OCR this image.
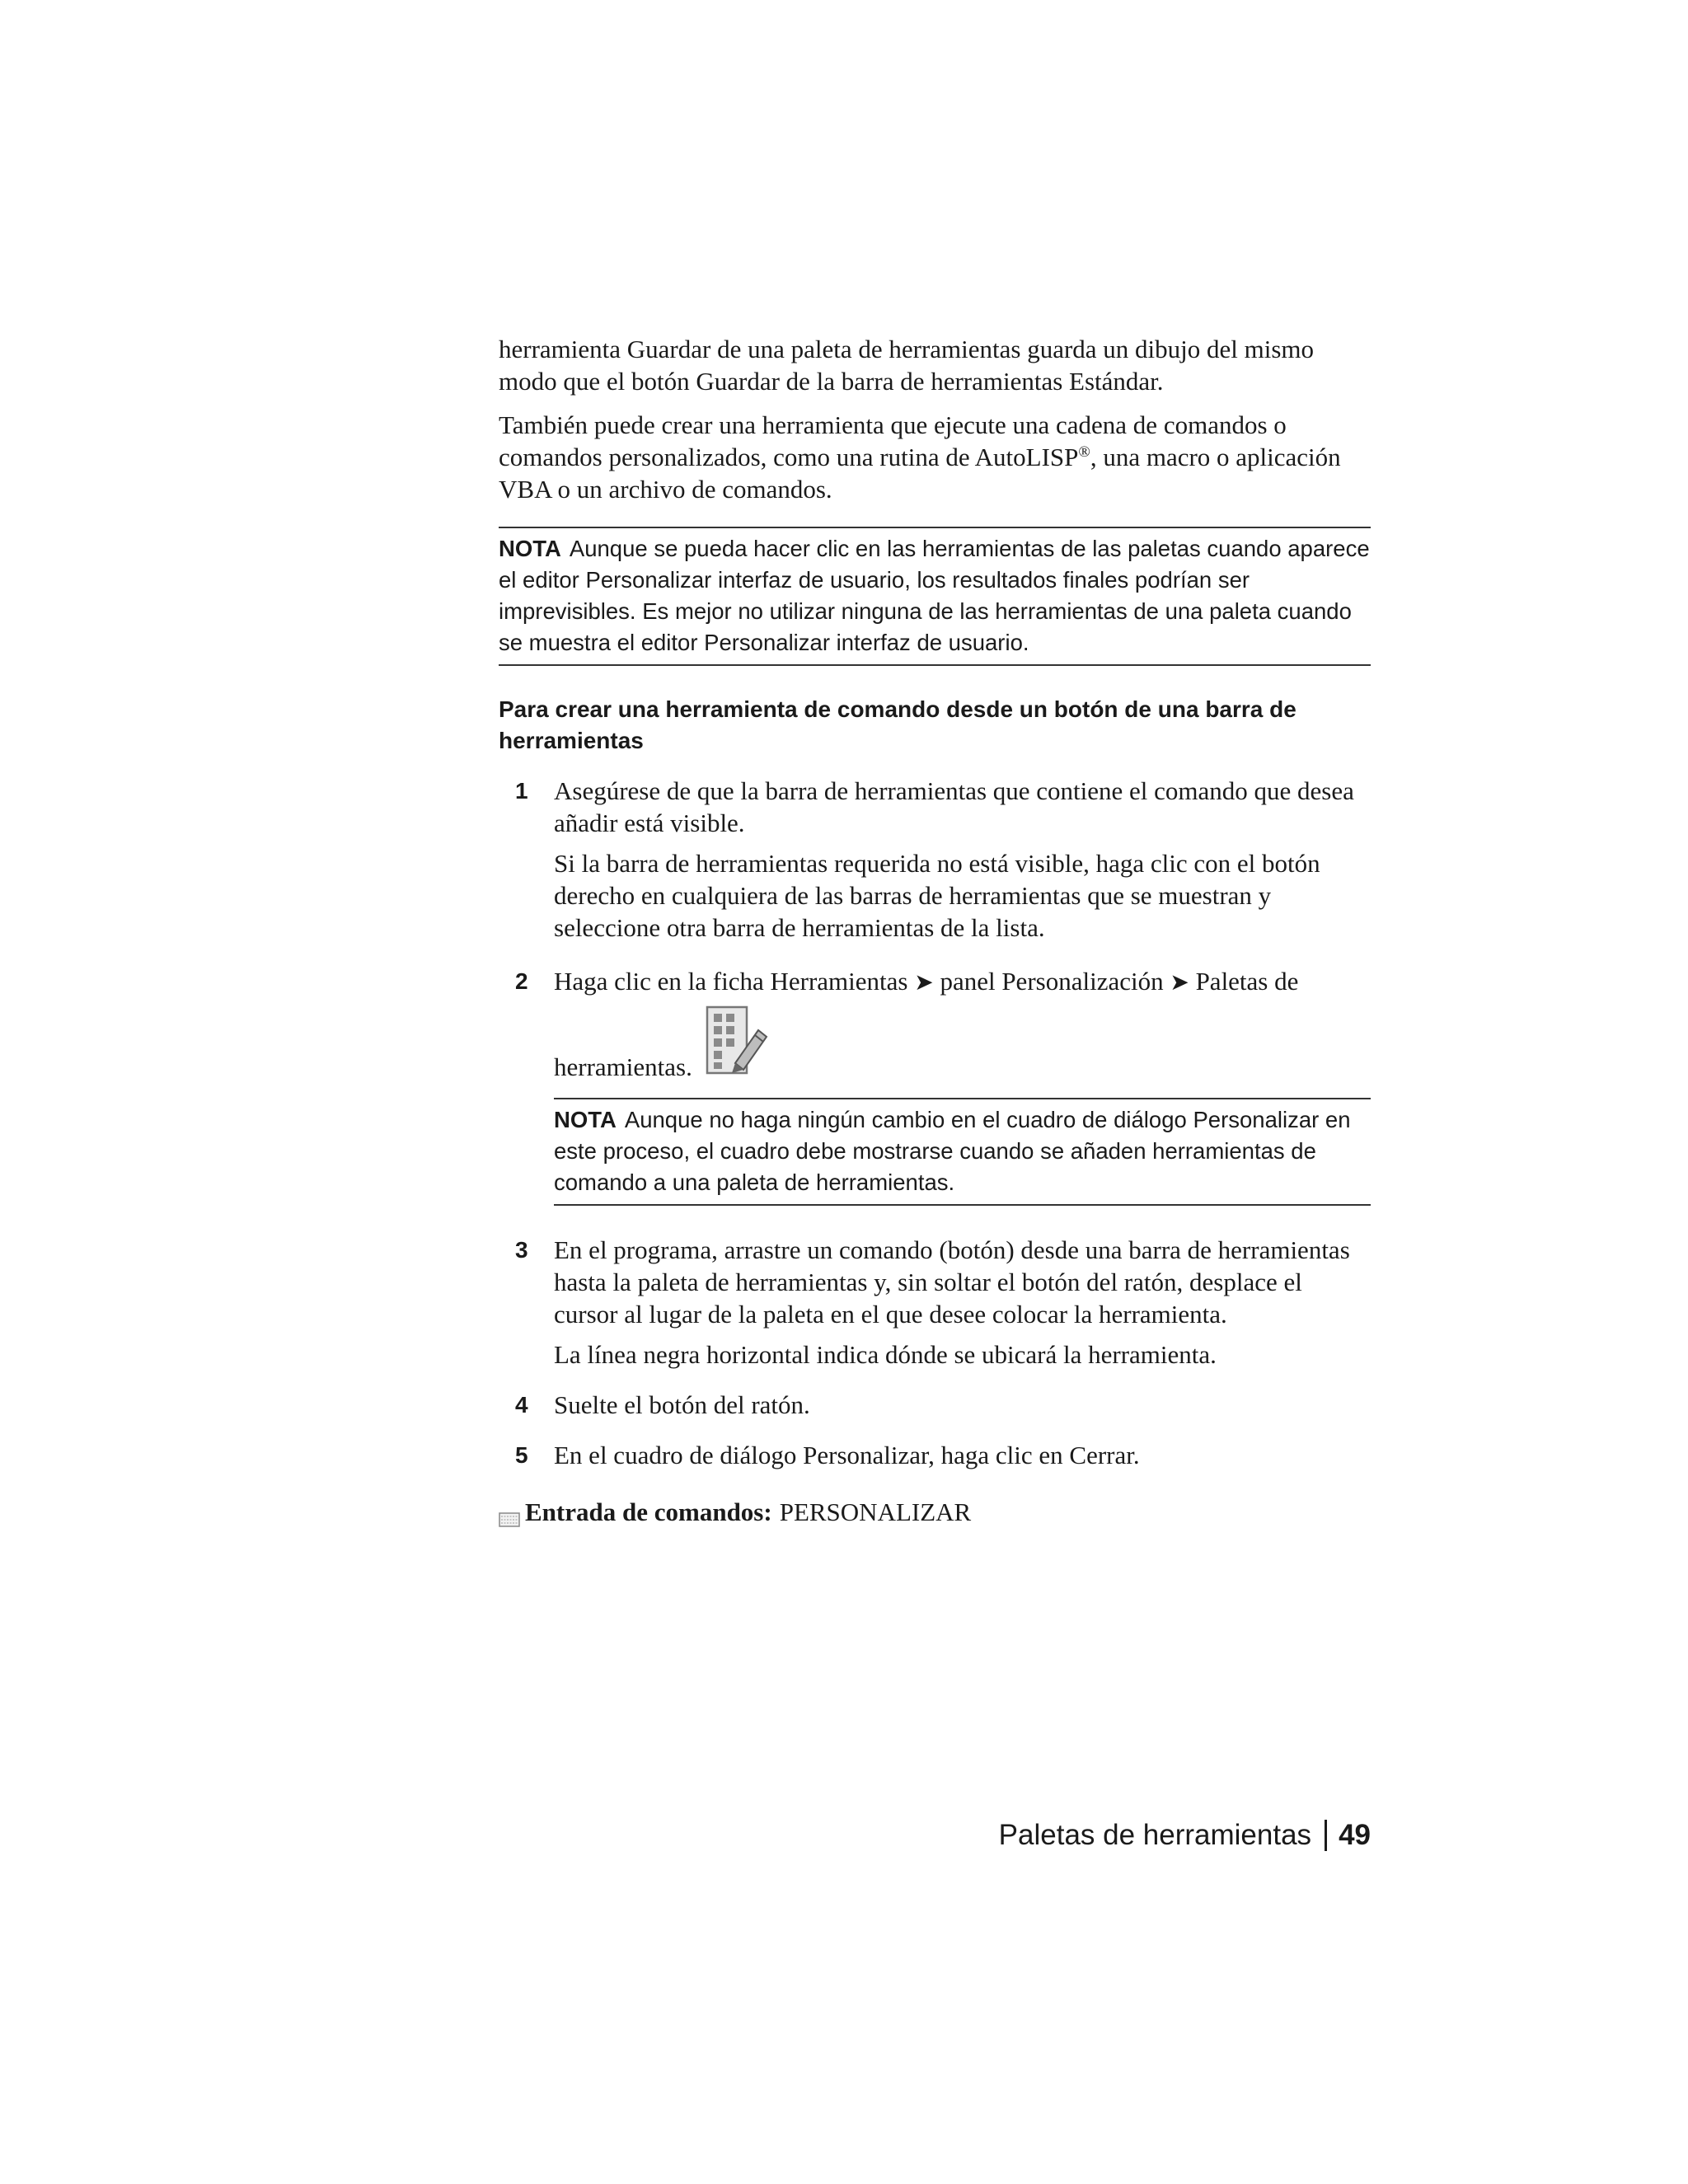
herramienta Guardar de una paleta de herramientas guarda un dibujo del mismo modo que el botón Guardar de la barra de herramientas Estándar.

También puede crear una herramienta que ejecute una cadena de comandos o comandos personalizados, como una rutina de AutoLISP®, una macro o aplicación VBA o un archivo de comandos.

NOTA Aunque se pueda hacer clic en las herramientas de las paletas cuando aparece el editor Personalizar interfaz de usuario, los resultados finales podrían ser imprevisibles. Es mejor no utilizar ninguna de las herramientas de una paleta cuando se muestra el editor Personalizar interfaz de usuario.

Para crear una herramienta de comando desde un botón de una barra de herramientas

1 Asegúrese de que la barra de herramientas que contiene el comando que desea añadir está visible.

Si la barra de herramientas requerida no está visible, haga clic con el botón derecho en cualquiera de las barras de herramientas que se muestran y seleccione otra barra de herramientas de la lista.

2 Haga clic en la ficha Herramientas ➤ panel Personalización ➤ Paletas de

herramientas.
NOTA Aunque no haga ningún cambio en el cuadro de diálogo Personalizar en este proceso, el cuadro debe mostrarse cuando se añaden herramientas de comando a una paleta de herramientas.
3 En el programa, arrastre un comando (botón) desde una barra de herramientas hasta la paleta de herramientas y, sin soltar el botón del ratón, desplace el cursor al lugar de la paleta en el que desee colocar la herramienta.

La línea negra horizontal indica dónde se ubicará la herramienta.

4 Suelte el botón del ratón.

5 En el cuadro de diálogo Personalizar, haga clic en Cerrar.

Entrada de comandos: PERSONALIZAR
Paletas de herramientas 49
